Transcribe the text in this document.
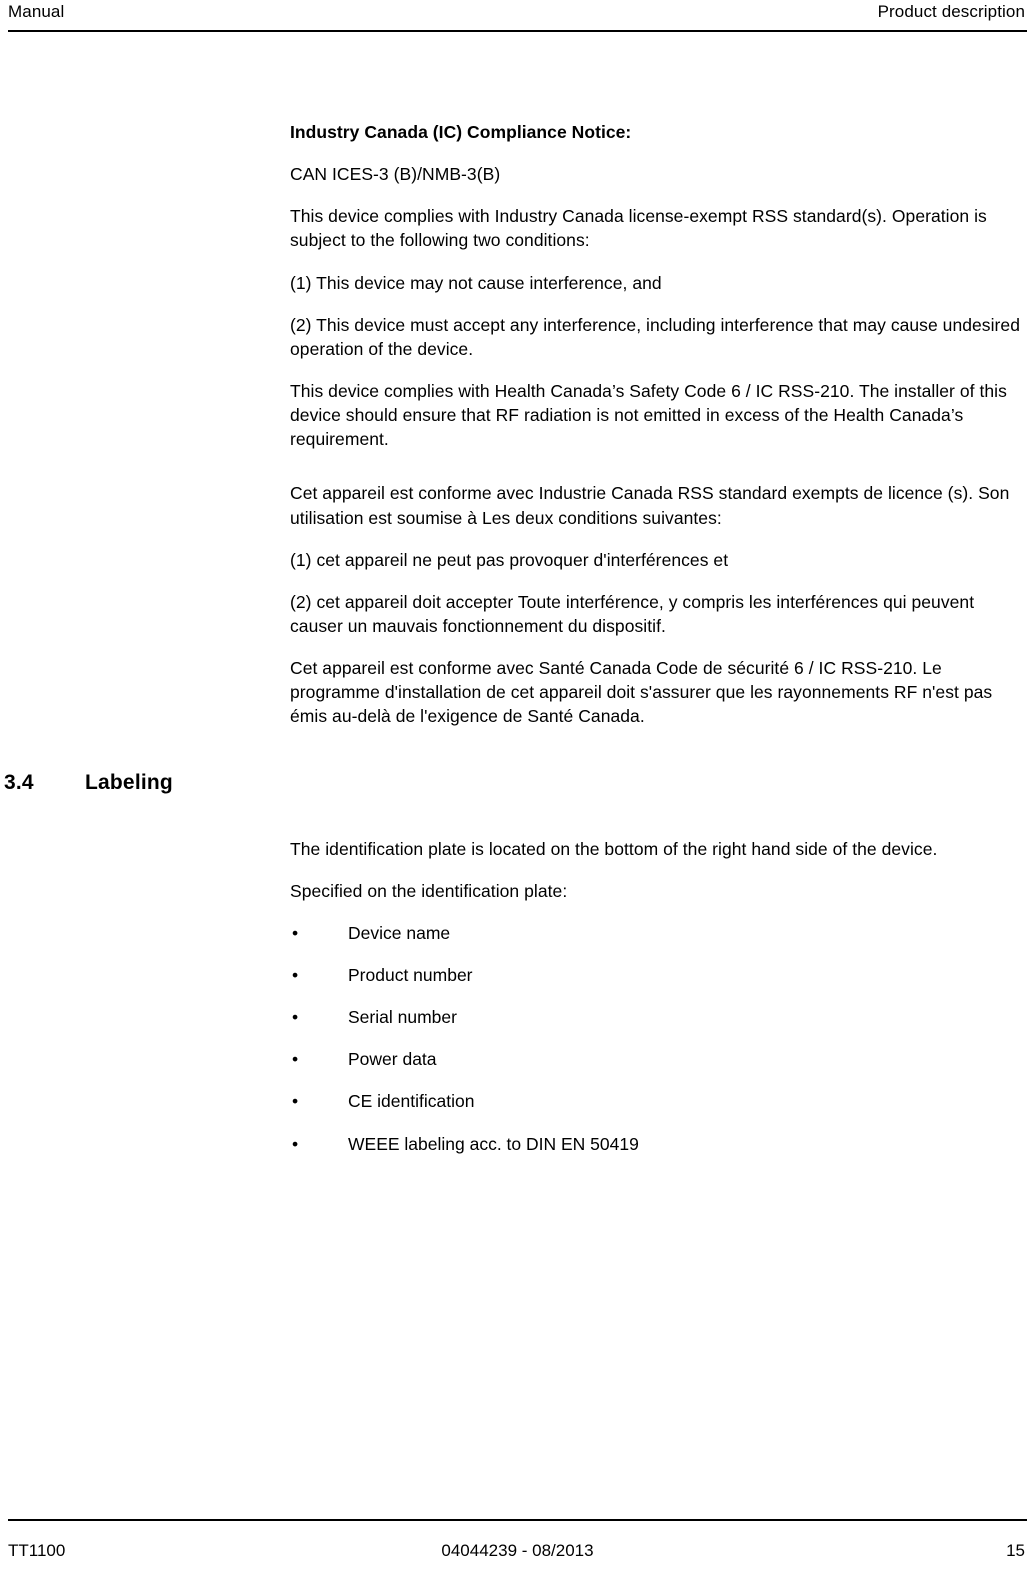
Manual	Product description

Industry Canada (IC) Compliance Notice:

CAN ICES-3 (B)/NMB-3(B)

This device complies with Industry Canada license-exempt RSS standard(s). Operation is subject to the following two conditions:

(1) This device may not cause interference, and

(2) This device must accept any interference, including interference that may cause undesired operation of the device.

This device complies with Health Canada’s Safety Code 6 / IC RSS-210. The installer of this device should ensure that RF radiation is not emitted in excess of the Health Canada’s requirement.

Cet appareil est conforme avec Industrie Canada RSS standard exempts de licence (s). Son utilisation est soumise à Les deux conditions suivantes:

(1) cet appareil ne peut pas provoquer d'interférences et

(2) cet appareil doit accepter Toute interférence, y compris les interférences qui peuvent causer un mauvais fonctionnement du dispositif.

Cet appareil est conforme avec Santé Canada Code de sécurité 6 / IC RSS-210. Le programme d'installation de cet appareil doit s'assurer que les rayonnements RF n'est pas émis au-delà de l'exigence de Santé Canada.

3.4 Labeling

The identification plate is located on the bottom of the right hand side of the device.

Specified on the identification plate:

•	Device name
•	Product number
•	Serial number
•	Power data
•	CE identification
•	WEEE labeling acc. to DIN EN 50419
TT1100	04044239 - 08/2013	15
